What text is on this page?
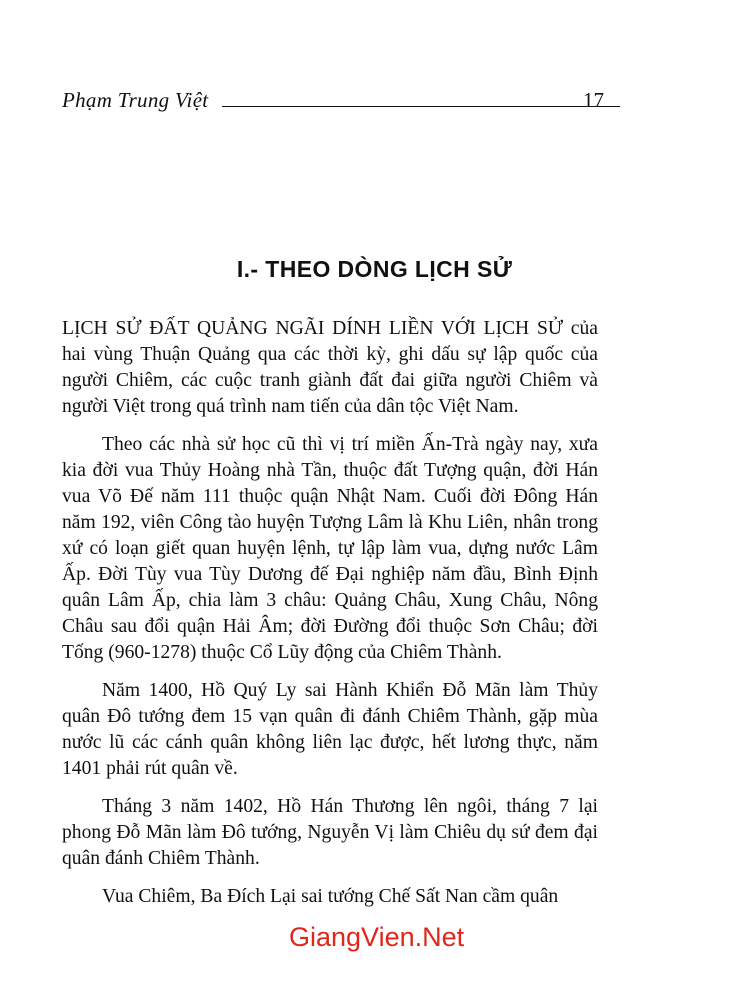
Phạm Trung Việt	17
I.- THEO DÒNG LỊCH SỬ

LỊCH SỬ ĐẤT QUẢNG NGÃI DÍNH LIỀN VỚI LỊCH SỬ của hai vùng Thuận Quảng qua các thời kỳ, ghi dấu sự lập quốc của người Chiêm, các cuộc tranh giành đất đai giữa người Chiêm và người Việt trong quá trình nam tiến của dân tộc Việt Nam.

Theo các nhà sử học cũ thì vị trí miền Ấn-Trà ngày nay, xưa kia đời vua Thủy Hoàng nhà Tần, thuộc đất Tượng quận, đời Hán vua Võ Đế năm 111 thuộc quận Nhật Nam. Cuối đời Đông Hán năm 192, viên Công tào huyện Tượng Lâm là Khu Liên, nhân trong xứ có loạn giết quan huyện lệnh, tự lập làm vua, dựng nước Lâm Ấp. Đời Tùy vua Tùy Dương đế Đại nghiệp năm đầu, Bình Định quân Lâm Ấp, chia làm 3 châu: Quảng Châu, Xung Châu, Nông Châu sau đổi quận Hải Âm; đời Đường đổi thuộc Sơn Châu; đời Tống (960-1278) thuộc Cổ Lũy động của Chiêm Thành.

Năm 1400, Hồ Quý Ly sai Hành Khiển Đỗ Mãn làm Thủy quân Đô tướng đem 15 vạn quân đi đánh Chiêm Thành, gặp mùa nước lũ các cánh quân không liên lạc được, hết lương thực, năm 1401 phải rút quân về.

Tháng 3 năm 1402, Hồ Hán Thương lên ngôi, tháng 7 lại phong Đỗ Mãn làm Đô tướng, Nguyễn Vị làm Chiêu dụ sứ đem đại quân đánh Chiêm Thành.

Vua Chiêm, Ba Đích Lại sai tướng Chế Sất Nan cầm quân

GiangVien.Net
